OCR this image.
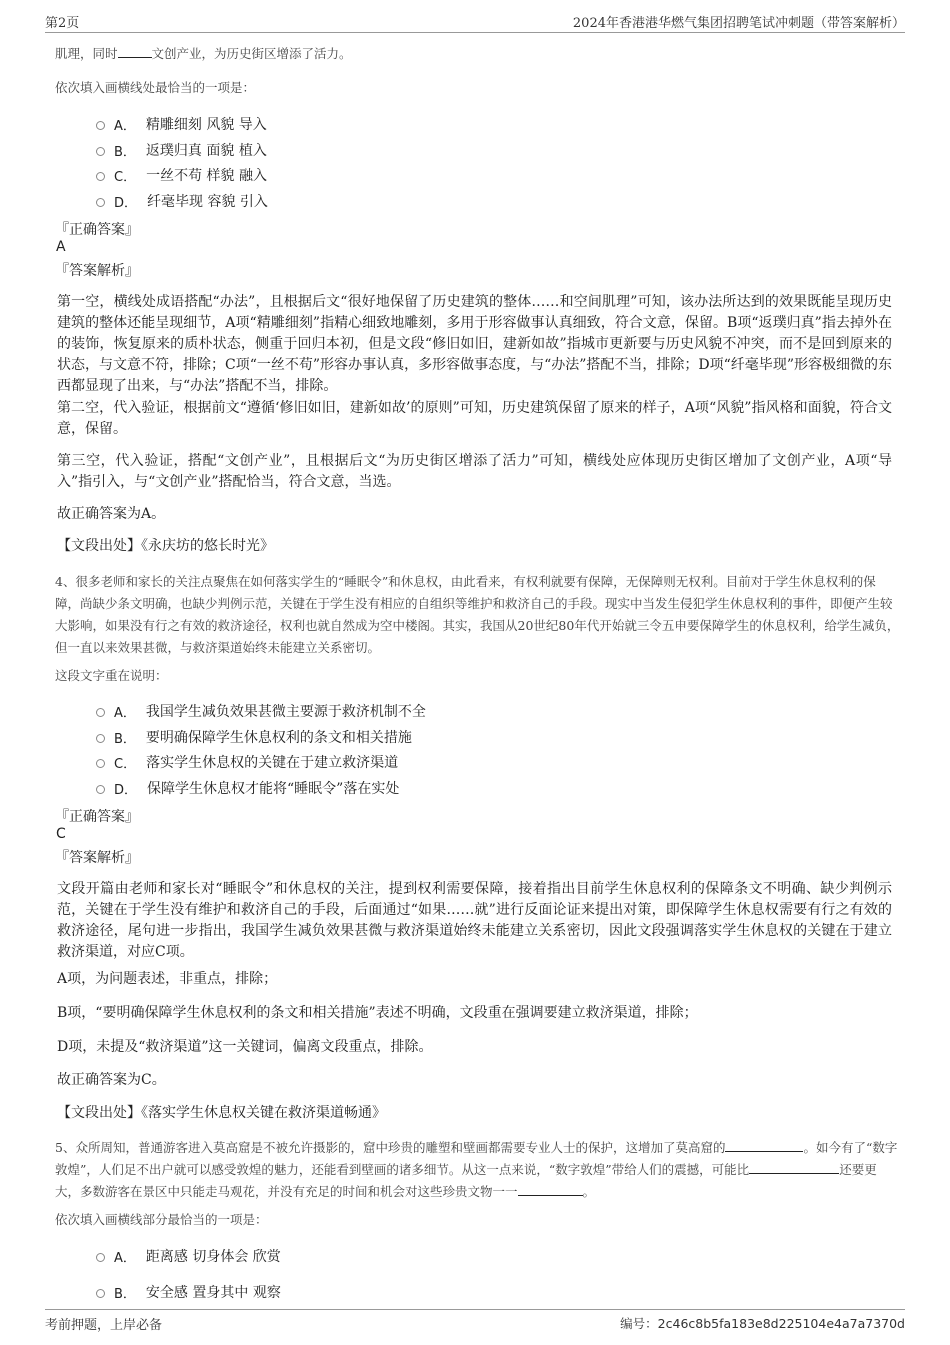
第2页	2024年香港港华燃气集团招聘笔试冲刺题（带答案解析）
肌理，同时	文创产业，为历史街区增添了活力。
依次填入画横线处最恰当的一项是：
A． 精雕细刻 风貌 导入
B． 返璞归真 面貌 植入
C． 一丝不苟 样貌 融入
D． 纤毫毕现 容貌 引入
『正确答案』
A
『答案解析』
第一空，横线处成语搭配“办法”，且根据后文“很好地保留了历史建筑的整体……和空间肌理”可知，该办法所达到的效果既能呈现历史建筑的整体还能呈现细节，A项“精雕细刻”指精心细致地雕刻，多用于形容做事认真细致，符合文意，保留。B项“返璞归真”指去掉外在的装饰，恢复原来的质朴状态，侧重于回归本初，但是文段“修旧如旧，建新如故”指城市更新要与历史风貌不冲突，而不是回到原来的状态，与文意不符，排除；C项“一丝不苟”形容办事认真，多形容做事态度，与“办法”搭配不当，排除；D项“纤毫毕现”形容极细微的东西都显现了出来，与“办法”搭配不当，排除。
第二空，代入验证，根据前文“遵循‘修旧如旧，建新如故’的原则”可知，历史建筑保留了原来的样子，A项“风貌”指风格和面貌，符合文意，保留。
第三空，代入验证，搭配“文创产业”，且根据后文“为历史街区增添了活力”可知，横线处应体现历史街区增加了文创产业，A项“导入”指引入，与“文创产业”搭配恰当，符合文意，当选。
故正确答案为A。
【文段出处】《永庆坊的悠长时光》
4、很多老师和家长的关注点聚焦在如何落实学生的“睡眠令”和休息权，由此看来，有权利就要有保障，无保障则无权利。目前对于学生休息权利的保障，尚缺少条文明确，也缺少判例示范，关键在于学生没有相应的自组织等维护和救济自己的手段。现实中当发生侵犯学生休息权利的事件，即便产生较大影响，如果没有行之有效的救济途径，权利也就自然成为空中楼阁。其实，我国从20世纪80年代开始就三令五申要保障学生的休息权利，给学生减负，但一直以来效果甚微，与救济渠道始终未能建立关系密切。
这段文字重在说明：
A． 我国学生减负效果甚微主要源于救济机制不全
B． 要明确保障学生休息权利的条文和相关措施
C． 落实学生休息权的关键在于建立救济渠道
D． 保障学生休息权才能将“睡眠令”落在实处
『正确答案』
C
『答案解析』
文段开篇由老师和家长对“睡眠令”和休息权的关注，提到权利需要保障，接着指出目前学生休息权利的保障条文不明确、缺少判例示范，关键在于学生没有维护和救济自己的手段，后面通过“如果……就”进行反面论证来提出对策，即保障学生休息权需要有行之有效的救济途径，尾句进一步指出，我国学生减负效果甚微与救济渠道始终未能建立关系密切，因此文段强调落实学生休息权的关键在于建立救济渠道，对应C项。
A项，为问题表述，非重点，排除；
B项，“要明确保障学生休息权利的条文和相关措施”表述不明确，文段重在强调要建立救济渠道，排除；
D项，未提及“救济渠道”这一关键词，偏离文段重点，排除。
故正确答案为C。
【文段出处】《落实学生休息权关键在救济渠道畅通》
5、众所周知，普通游客进入莫高窟是不被允许摄影的，窟中珍贵的雕塑和壁画都需要专业人士的保护，这增加了莫高窟的	。如今有了“数字敦煌”，人们足不出户就可以感受敦煌的魅力，还能看到壁画的诸多细节。从这一点来说，“数字敦煌”带给人们的震撼，可能比	还要更大，多数游客在景区中只能走马观花，并没有充足的时间和机会对这些珍贵文物一一	。
依次填入画横线部分最恰当的一项是：
A． 距离感 切身体会 欣赏
B． 安全感 置身其中 观察
考前押题，上岸必备	编号：2c46c8b5fa183e8d225104e4a7a7370d
